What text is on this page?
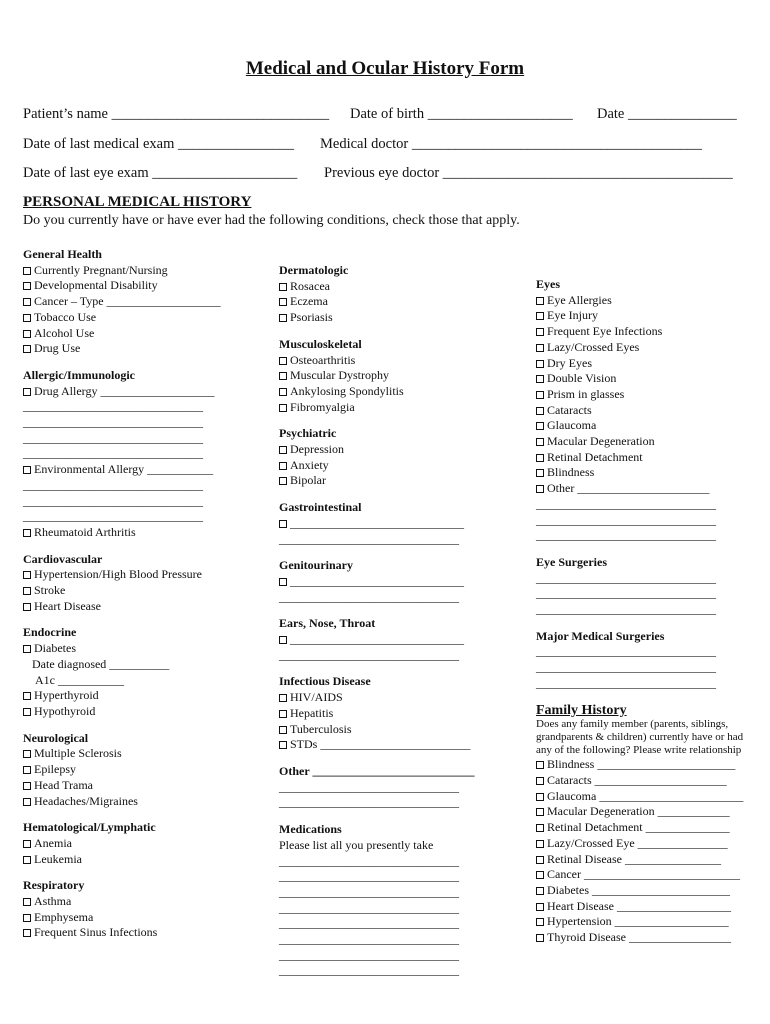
Medical and Ocular History Form
Patient’s name ______________________________ Date of birth ____________________ Date _______________
Date of last medical exam ________________ Medical doctor ________________________________________
Date of last eye exam ____________________ Previous eye doctor ________________________________________
PERSONAL MEDICAL HISTORY
Do you currently have or have ever had the following conditions, check those that apply.
General Health
Currently Pregnant/Nursing
Developmental Disability
Cancer – Type ___________________
Tobacco Use
Alcohol Use
Drug Use
Allergic/Immunologic
Drug Allergy ___________________
______________________________
______________________________
______________________________
______________________________
Environmental Allergy ___________
______________________________
______________________________
______________________________
Rheumatoid Arthritis
Cardiovascular
Hypertension/High Blood Pressure
Stroke
Heart Disease
Endocrine
Diabetes
Date diagnosed __________
A1c ___________
Hyperthyroid
Hypothyroid
Neurological
Multiple Sclerosis
Epilepsy
Head Trama
Headaches/Migraines
Hematological/Lymphatic
Anemia
Leukemia
Respiratory
Asthma
Emphysema
Frequent Sinus Infections
Dermatologic
Rosacea
Eczema
Psoriasis
Musculoskeletal
Osteoarthritis
Muscular Dystrophy
Ankylosing Spondylitis
Fibromyalgia
Psychiatric
Depression
Anxiety
Bipolar
Gastrointestinal
_____________________________
______________________________
Genitourinary
_____________________________
______________________________
Ears, Nose, Throat
_____________________________
______________________________
Infectious Disease
HIV/AIDS
Hepatitis
Tuberculosis
STDs _________________________
Other ___________________________
______________________________
______________________________
Medications
Please list all you presently take
______________________________
______________________________
______________________________
______________________________
______________________________
______________________________
______________________________
______________________________
Eyes
Eye Allergies
Eye Injury
Frequent Eye Infections
Lazy/Crossed Eyes
Dry Eyes
Double Vision
Prism in glasses
Cataracts
Glaucoma
Macular Degeneration
Retinal Detachment
Blindness
Other ______________________
______________________________
______________________________
______________________________
Eye Surgeries
______________________________
______________________________
______________________________
Major Medical Surgeries
______________________________
______________________________
______________________________
Family History
Does any family member (parents, siblings, grandparents & children) currently have or had any of the following? Please write relationship
Blindness _______________________
Cataracts ______________________
Glaucoma ________________________
Macular Degeneration ____________
Retinal Detachment ______________
Lazy/Crossed Eye _______________
Retinal Disease ________________
Cancer __________________________
Diabetes _______________________
Heart Disease ___________________
Hypertension ___________________
Thyroid Disease _________________
